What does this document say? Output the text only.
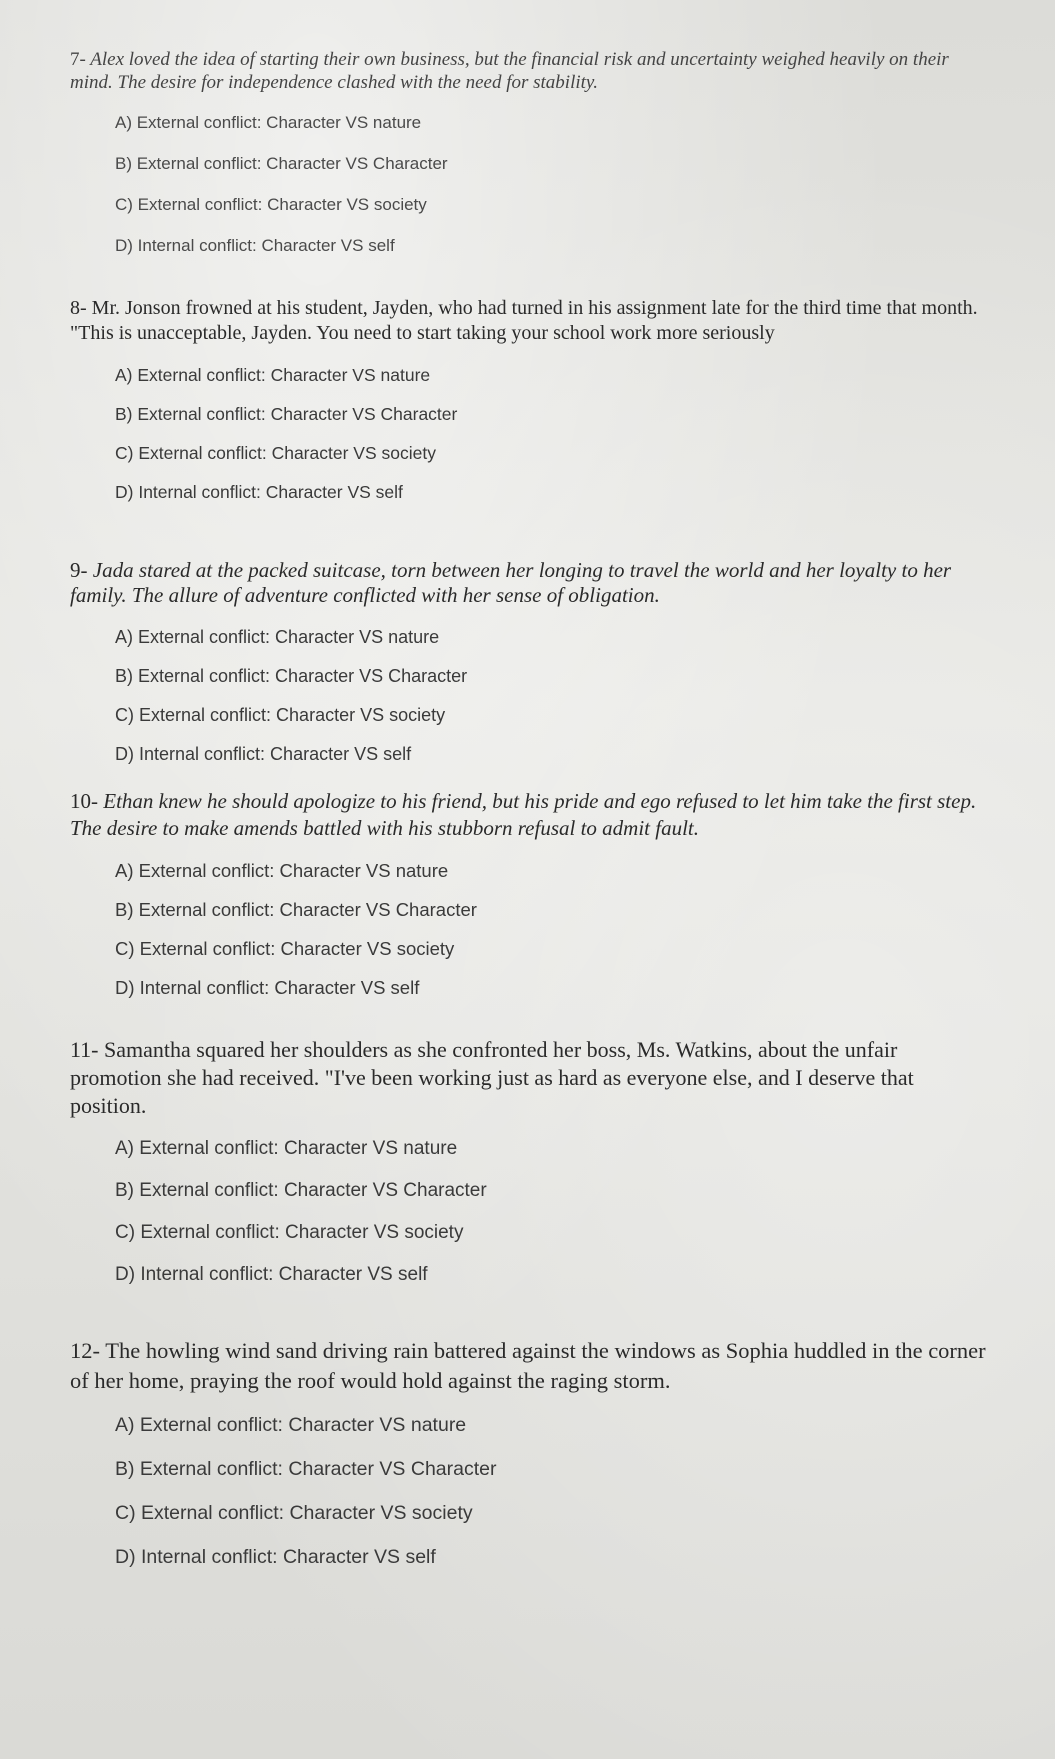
7- Alex loved the idea of starting their own business, but the financial risk and uncertainty weighed heavily on their mind. The desire for independence clashed with the need for stability.

A) External conflict: Character VS nature
B) External conflict: Character VS Character
C) External conflict: Character VS society
D) Internal conflict: Character VS self

8- Mr. Jonson frowned at his student, Jayden, who had turned in his assignment late for the third time that month. "This is unacceptable, Jayden. You need to start taking your school work more seriously

A) External conflict: Character VS nature
B) External conflict: Character VS Character
C) External conflict: Character VS society
D) Internal conflict: Character VS self

9- Jada stared at the packed suitcase, torn between her longing to travel the world and her loyalty to her family. The allure of adventure conflicted with her sense of obligation.

A) External conflict: Character VS nature
B) External conflict: Character VS Character
C) External conflict: Character VS society
D) Internal conflict: Character VS self

10- Ethan knew he should apologize to his friend, but his pride and ego refused to let him take the first step. The desire to make amends battled with his stubborn refusal to admit fault.

A) External conflict: Character VS nature
B) External conflict: Character VS Character
C) External conflict: Character VS society
D) Internal conflict: Character VS self

11- Samantha squared her shoulders as she confronted her boss, Ms. Watkins, about the unfair promotion she had received. "I've been working just as hard as everyone else, and I deserve that position.

A) External conflict: Character VS nature
B) External conflict: Character VS Character
C) External conflict: Character VS society
D) Internal conflict: Character VS self

12- The howling wind sand driving rain battered against the windows as Sophia huddled in the corner of her home, praying the roof would hold against the raging storm.

A) External conflict: Character VS nature
B) External conflict: Character VS Character
C) External conflict: Character VS society
D) Internal conflict: Character VS self
